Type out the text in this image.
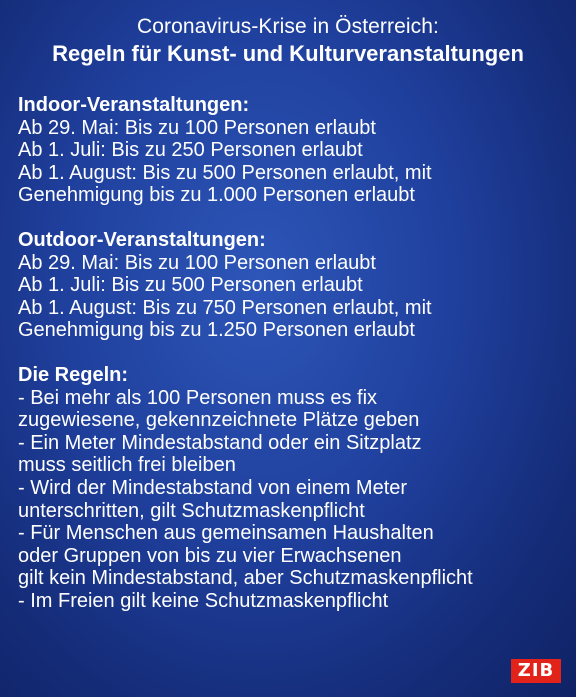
Coronavirus-Krise in Österreich:
Regeln für Kunst- und Kulturveranstaltungen
Indoor-Veranstaltungen:
Ab 29. Mai: Bis zu 100 Personen erlaubt
Ab 1. Juli: Bis zu 250 Personen erlaubt
Ab 1. August: Bis zu 500 Personen erlaubt, mit
Genehmigung bis zu 1.000 Personen erlaubt
Outdoor-Veranstaltungen:
Ab 29. Mai: Bis zu 100 Personen erlaubt
Ab 1. Juli: Bis zu 500 Personen erlaubt
Ab 1. August: Bis zu 750 Personen erlaubt, mit
Genehmigung bis zu 1.250 Personen erlaubt
Die Regeln:
- Bei mehr als 100 Personen muss es fix
zugewiesene, gekennzeichnete Plätze geben
- Ein Meter Mindestabstand oder ein Sitzplatz
muss seitlich frei bleiben
- Wird der Mindestabstand von einem Meter
unterschritten, gilt Schutzmaskenpflicht
- Für Menschen aus gemeinsamen Haushalten
oder Gruppen von bis zu vier Erwachsenen
gilt kein Mindestabstand, aber Schutzmaskenpflicht
- Im Freien gilt keine Schutzmaskenpflicht
ZIB
